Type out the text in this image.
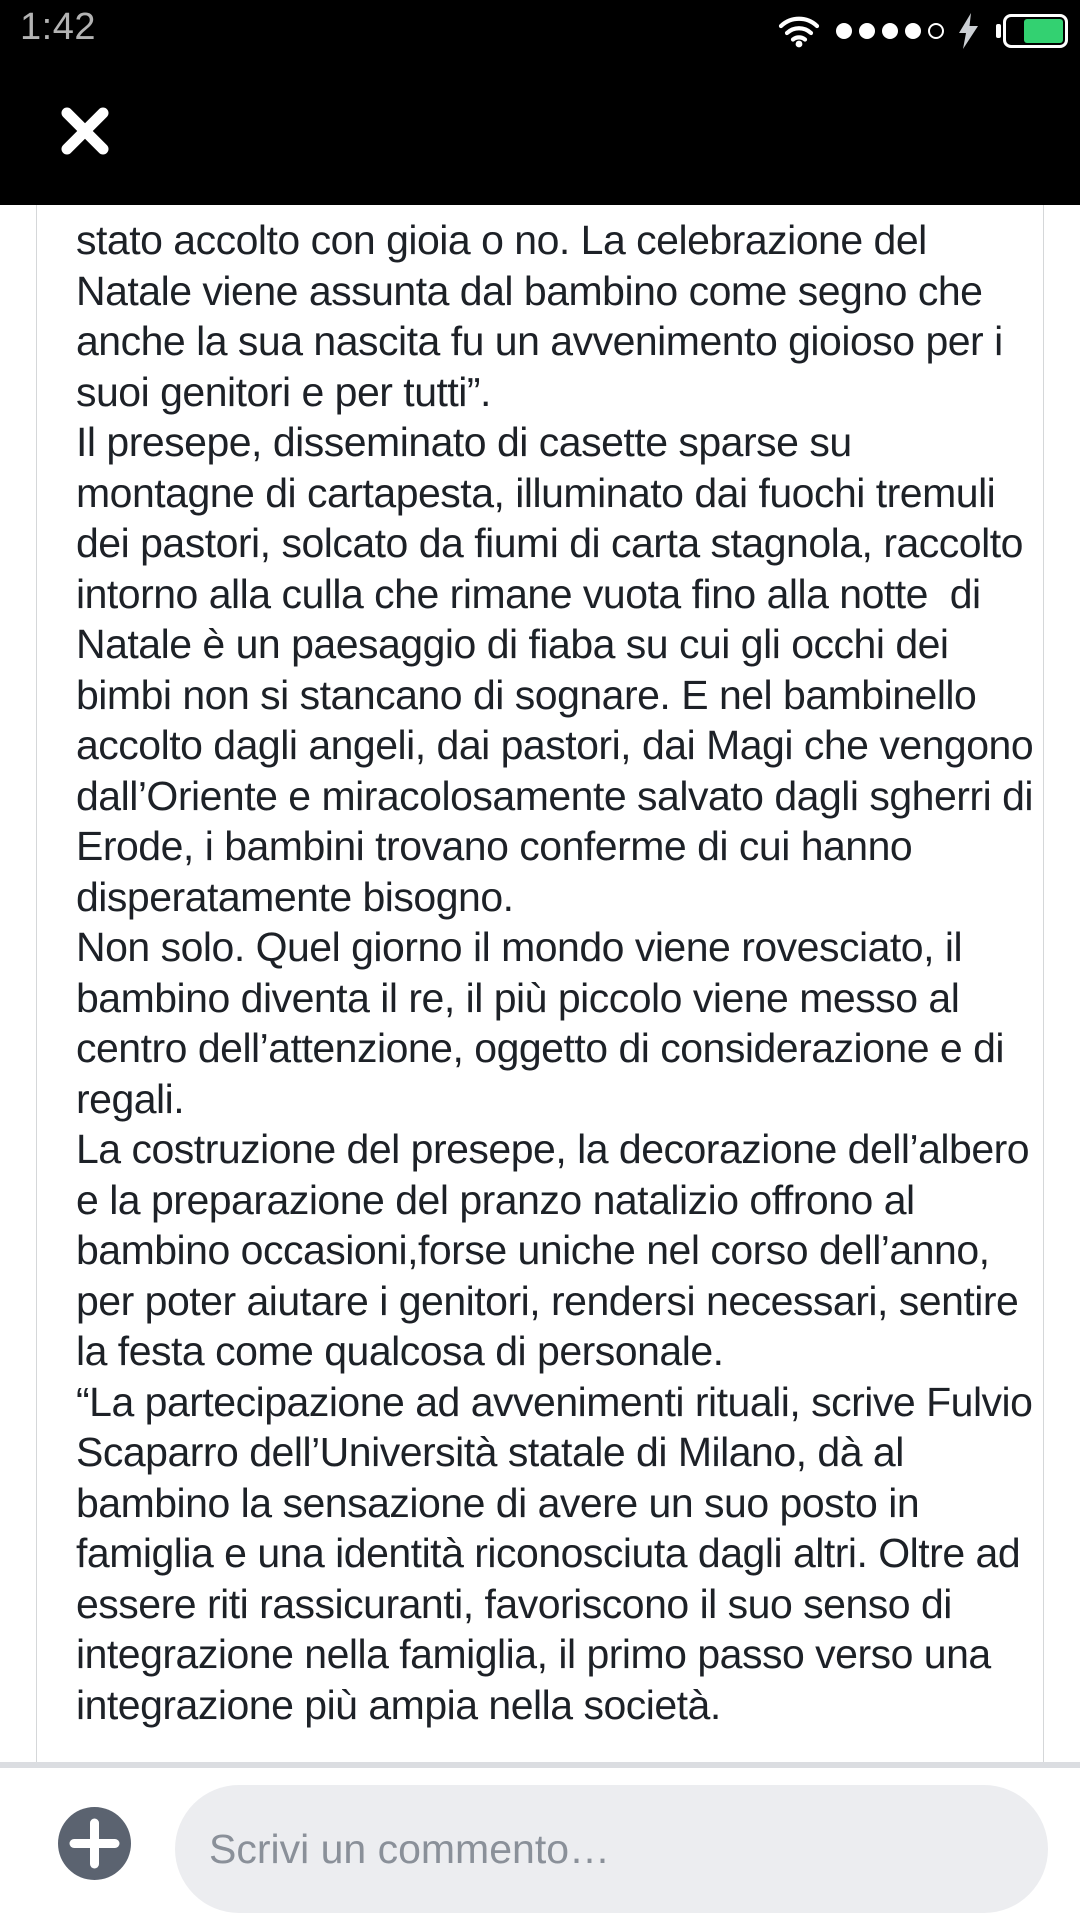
stato accolto con gioia o no. La celebrazione del
Natale viene assunta dal bambino come segno che
anche la sua nascita fu un avvenimento gioioso per i
suoi genitori e per tutti”.
Il presepe, disseminato di casette sparse su
montagne di cartapesta, illuminato dai fuochi tremuli
dei pastori, solcato da fiumi di carta stagnola, raccolto
intorno alla culla che rimane vuota fino alla notte  di
Natale è un paesaggio di fiaba su cui gli occhi dei
bimbi non si stancano di sognare. E nel bambinello
accolto dagli angeli, dai pastori, dai Magi che vengono
dall’Oriente e miracolosamente salvato dagli sgherri di
Erode, i bambini trovano conferme di cui hanno
disperatamente bisogno.
Non solo. Quel giorno il mondo viene rovesciato, il
bambino diventa il re, il più piccolo viene messo al
centro dell’attenzione, oggetto di considerazione e di
regali.
La costruzione del presepe, la decorazione dell’albero
e la preparazione del pranzo natalizio offrono al
bambino occasioni,forse uniche nel corso dell’anno,
per poter aiutare i genitori, rendersi necessari, sentire
la festa come qualcosa di personale.
“La partecipazione ad avvenimenti rituali, scrive Fulvio
Scaparro dell’Università statale di Milano, dà al
bambino la sensazione di avere un suo posto in
famiglia e una identità riconosciuta dagli altri. Oltre ad
essere riti rassicuranti, favoriscono il suo senso di
integrazione nella famiglia, il primo passo verso una
integrazione più ampia nella società.
1:42
Scrivi un commento…
